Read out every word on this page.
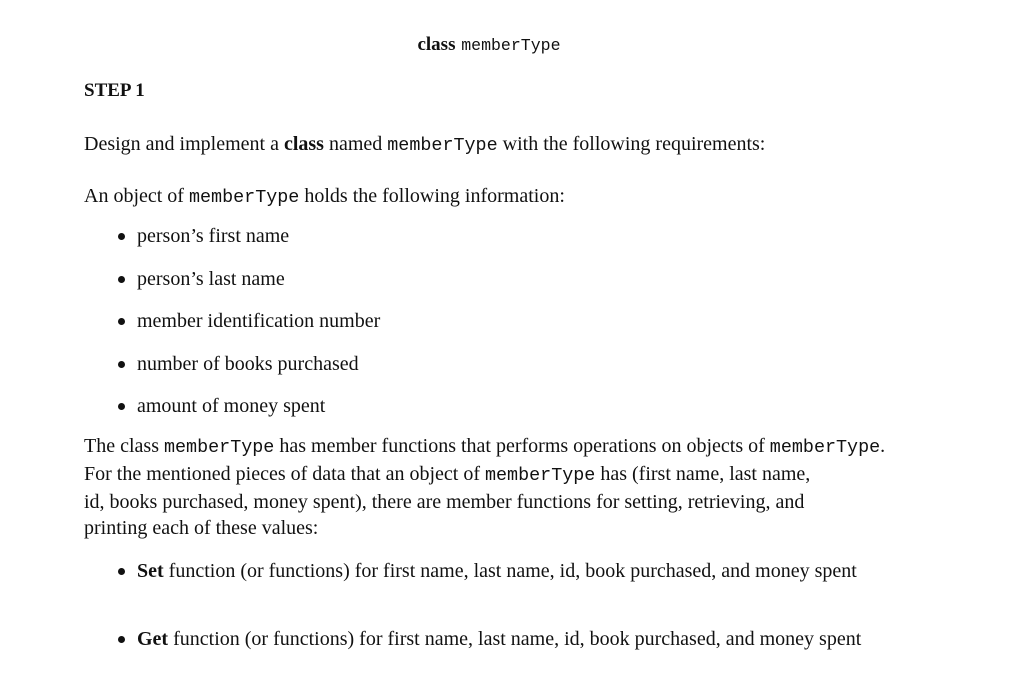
class memberType
STEP 1
Design and implement a class named memberType with the following requirements:
An object of memberType holds the following information:
person’s first name
person’s last name
member identification number
number of books purchased
amount of money spent
The class memberType has member functions that performs operations on objects of memberType.
For the mentioned pieces of data that an object of memberType has (first name, last name,
id, books purchased, money spent), there are member functions for setting, retrieving, and
printing each of these values:
Set function (or functions) for first name, last name, id, book purchased, and money spent
Get function (or functions) for first name, last name, id, book purchased, and money spent
